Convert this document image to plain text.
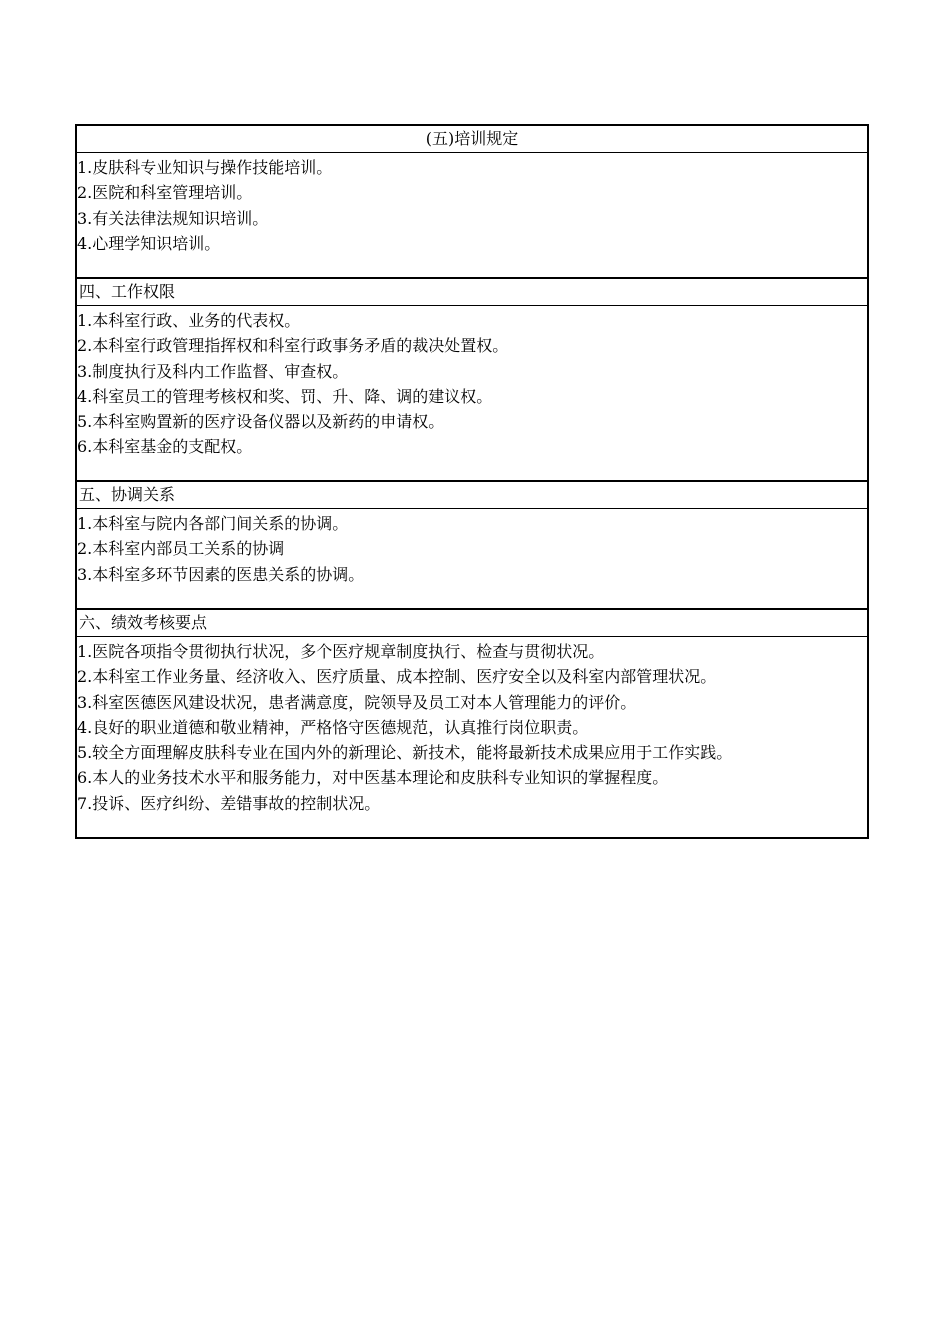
(五)培训规定
1.皮肤科专业知识与操作技能培训。
2.医院和科室管理培训。
3.有关法律法规知识培训。
4.心理学知识培训。
四、工作权限
1.本科室行政、业务的代表权。
2.本科室行政管理指挥权和科室行政事务矛盾的裁决处置权。
3.制度执行及科内工作监督、审查权。
4.科室员工的管理考核权和奖、罚、升、降、调的建议权。
5.本科室购置新的医疗设备仪器以及新药的申请权。
6.本科室基金的支配权。
五、协调关系
1.本科室与院内各部门间关系的协调。
2.本科室内部员工关系的协调
3.本科室多环节因素的医患关系的协调。
六、绩效考核要点
1.医院各项指令贯彻执行状况，多个医疗规章制度执行、检查与贯彻状况。
2.本科室工作业务量、经济收入、医疗质量、成本控制、医疗安全以及科室内部管理状况。
3.科室医德医风建设状况，患者满意度，院领导及员工对本人管理能力的评价。
4.良好的职业道德和敬业精神，严格恪守医德规范，认真推行岗位职责。
5.较全方面理解皮肤科专业在国内外的新理论、新技术，能将最新技术成果应用于工作实践。
6.本人的业务技术水平和服务能力，对中医基本理论和皮肤科专业知识的掌握程度。
7.投诉、医疗纠纷、差错事故的控制状况。
